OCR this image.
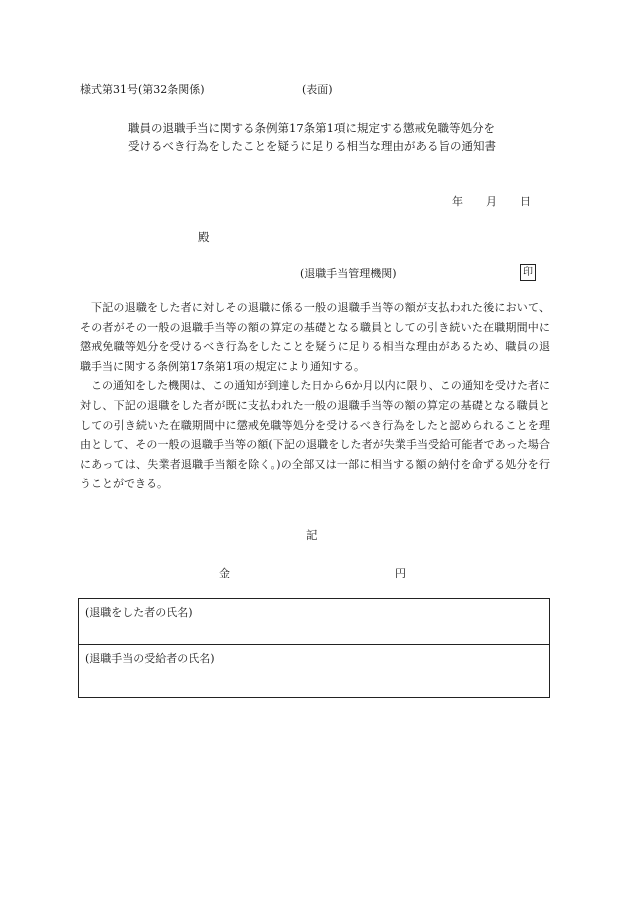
様式第31号(第32条関係)	(表面)
職員の退職手当に関する条例第17条第1項に規定する懲戒免職等処分を
受けるべき行為をしたことを疑うに足りる相当な理由がある旨の通知書
年 月 日
殿
(退職手当管理機関)	印

下記の退職をした者に対しその退職に係る一般の退職手当等の額が支払われた後において、その者がその一般の退職手当等の額の算定の基礎となる職員としての引き続いた在職期間中に懲戒免職等処分を受けるべき行為をしたことを疑うに足りる相当な理由があるため、職員の退職手当に関する条例第17条第1項の規定により通知する。

この通知をした機関は、この通知が到達した日から6か月以内に限り、この通知を受けた者に対し、下記の退職をした者が既に支払われた一般の退職手当等の額の算定の基礎となる職員としての引き続いた在職期間中に懲戒免職等処分を受けるべき行為をしたと認められることを理由として、その一般の退職手当等の額(下記の退職をした者が失業手当受給可能者であった場合にあっては、失業者退職手当額を除く。)の全部又は一部に相当する額の納付を命ずる処分を行うことができる。

記
金	円
(退職をした者の氏名)
(退職手当の受給者の氏名)
